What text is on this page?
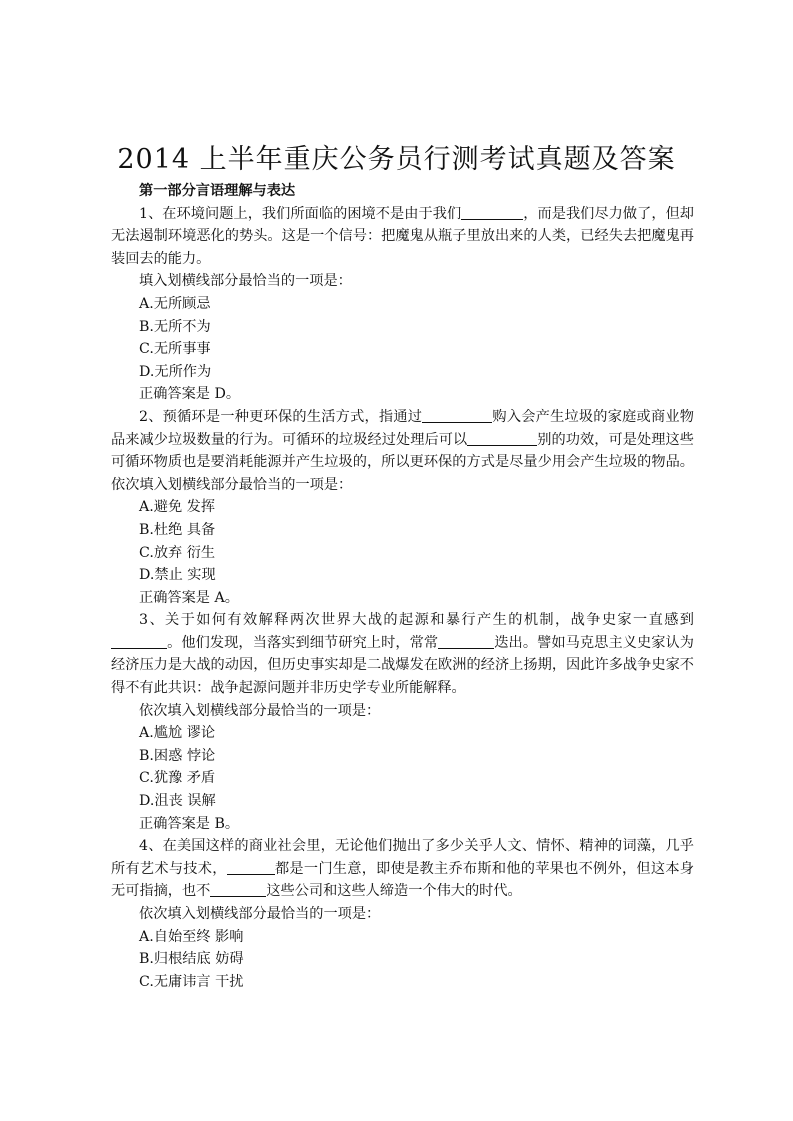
2014 上半年重庆公务员行测考试真题及答案

第一部分言语理解与表达

1、在环境问题上，我们所面临的困境不是由于我们	，而是我们尽力做了，但却无法遏制环境恶化的势头。这是一个信号：把魔鬼从瓶子里放出来的人类，已经失去把魔鬼再装回去的能力。

填入划横线部分最恰当的一项是：

A.无所顾忌

B.无所不为

C.无所事事

D.无所作为

正确答案是 D。

2、预循环是一种更环保的生活方式，指通过	购入会产生垃圾的家庭或商业物品来减少垃圾数量的行为。可循环的垃圾经过处理后可以	别的功效，可是处理这些可循环物质也是要消耗能源并产生垃圾的，所以更环保的方式是尽量少用会产生垃圾的物品。依次填入划横线部分最恰当的一项是：

A.避免 发挥

B.杜绝 具备

C.放弃 衍生

D.禁止 实现

正确答案是 A。

3、关于如何有效解释两次世界大战的起源和暴行产生的机制，战争史家一直感到。他们发现，当落实到细节研究上时，常常	迭出。譬如马克思主义史家认为经济压力是大战的动因，但历史事实却是二战爆发在欧洲的经济上扬期，因此许多战争史家不得不有此共识：战争起源问题并非历史学专业所能解释。

依次填入划横线部分最恰当的一项是：

A.尴尬 谬论

B.困惑 悖论

C.犹豫 矛盾

D.沮丧 误解

正确答案是 B。

4、在美国这样的商业社会里，无论他们抛出了多少关乎人文、情怀、精神的词藻，几乎所有艺术与技术，	都是一门生意，即使是教主乔布斯和他的苹果也不例外，但这本身无可指摘，也不	这些公司和这些人缔造一个伟大的时代。

依次填入划横线部分最恰当的一项是：

A.自始至终 影响

B.归根结底 妨碍

C.无庸讳言 干扰
